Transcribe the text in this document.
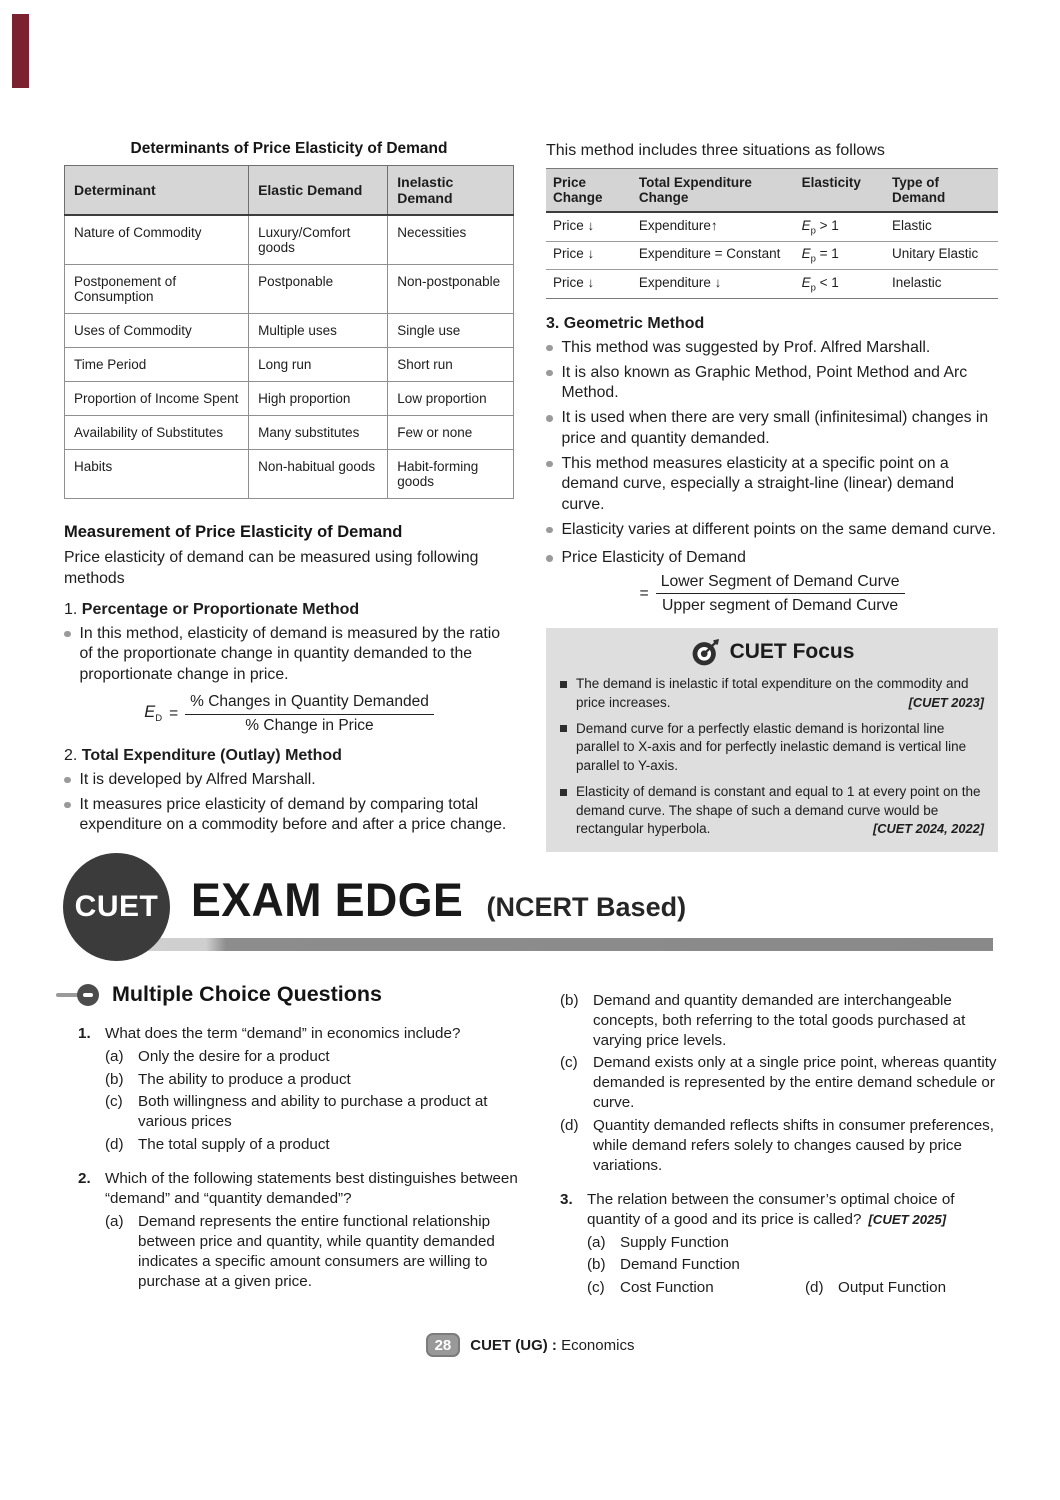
Determinants of Price Elasticity of Demand
Determinant	Elastic Demand	Inelastic Demand
Nature of Commodity	Luxury/Comfort goods	Necessities
Postponement of Consumption	Postponable	Non-postponable
Uses of Commodity	Multiple uses	Single use
Time Period	Long run	Short run
Proportion of Income Spent	High proportion	Low proportion
Availability of Substitutes	Many substitutes	Few or none
Habits	Non-habitual goods	Habit-forming goods
Measurement of Price Elasticity of Demand

Price elasticity of demand can be measured using following methods

1. Percentage or Proportionate Method

In this method, elasticity of demand is measured by the ratio of the proportionate change in quantity demanded to the proportionate change in price.
$E_D = \frac{\text{\% Changes in Quantity Demanded}}{\text{\% Change in Price}}$

2. Total Expenditure (Outlay) Method

It is developed by Alfred Marshall.
It measures price elasticity of demand by comparing total expenditure on a commodity before and after a price change.

This method includes three situations as follows

Price Change	Total Expenditure Change	Elasticity	Type of Demand
Price ↓	Expenditure↑	$E_p > 1$	Elastic
Price ↓	Expenditure = Constant	$E_p = 1$	Unitary Elastic
Price ↓	Expenditure ↓	$E_p < 1$	Inelastic

3. Geometric Method

This method was suggested by Prof. Alfred Marshall.
It is also known as Graphic Method, Point Method and Arc Method.
It is used when there are very small (infinitesimal) changes in price and quantity demanded.
This method measures elasticity at a specific point on a demand curve, especially a straight-line (linear) demand curve.
Elasticity varies at different points on the same demand curve.
Price Elasticity of Demand
= $\frac{\text{Lower Segment of Demand Curve}}{\text{Upper segment of Demand Curve}}$
CUET Focus
The demand is inelastic if total expenditure on the commodity and price increases.	[CUET 2023]
Demand curve for a perfectly elastic demand is horizontal line parallel to X-axis and for perfectly inelastic demand is vertical line parallel to Y-axis.
Elasticity of demand is constant and equal to 1 at every point on the demand curve. The shape of such a demand curve would be rectangular hyperbola.	[CUET 2024, 2022]
CUET EXAM EDGE (NCERT Based)
Multiple Choice Questions
1. What does the term “demand” in economics include?
(a) Only the desire for a product
(b) The ability to produce a product
(c)	Both willingness and ability to purchase a product at various prices
(d) The total supply of a product
2. Which of the following statements best distinguishes between “demand” and “quantity demanded”?
(a) Demand represents the entire functional relationship between price and quantity, while quantity demanded indicates a specific amount consumers are willing to purchase at a given price.
(b) Demand and quantity demanded are interchangeable concepts, both referring to the total goods purchased at varying price levels.
(c)	Demand exists only at a single price point, whereas quantity demanded is represented by the entire demand schedule or curve.
(d) Quantity demanded reflects shifts in consumer preferences, while demand refers solely to changes caused by price variations.
3. The relation between the consumer’s optimal choice of quantity of a good and its price is called? [CUET 2025]
(a) Supply Function
(b) Demand Function
(c)	Cost Function	(d) Output Function
28	CUET (UG) : Economics
